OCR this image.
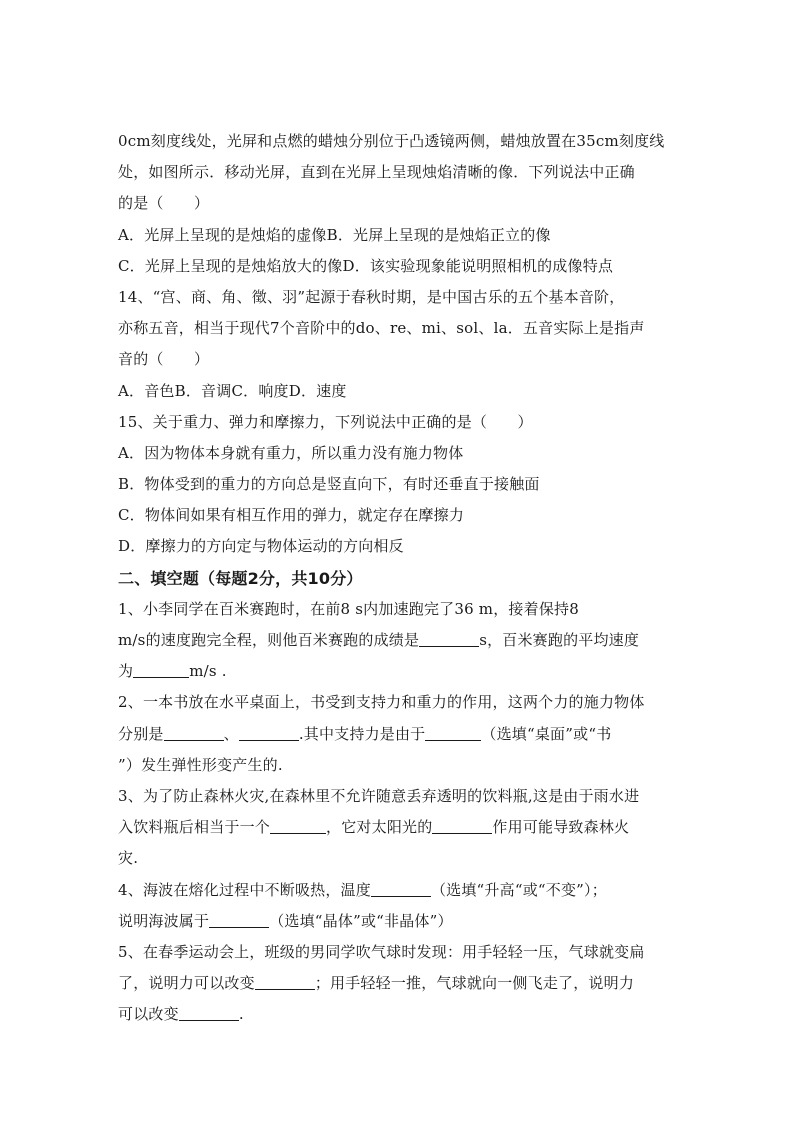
0cm刻度线处，光屏和点燃的蜡烛分别位于凸透镜两侧，蜡烛放置在35cm刻度线
处，如图所示．移动光屏，直到在光屏上呈现烛焰清晰的像．下列说法中正确
的是（　　）
A．光屏上呈现的是烛焰的虚像B．光屏上呈现的是烛焰正立的像
C．光屏上呈现的是烛焰放大的像D．该实验现象能说明照相机的成像特点
14、“宫、商、角、徵、羽”起源于春秋时期，是中国古乐的五个基本音阶，
亦称五音，相当于现代7个音阶中的do、re、mi、sol、la．五音实际上是指声
音的（　　）
A．音色B．音调C．响度D．速度
15、关于重力、弹力和摩擦力，下列说法中正确的是（　　）
A．因为物体本身就有重力，所以重力没有施力物体
B．物体受到的重力的方向总是竖直向下，有时还垂直于接触面
C．物体间如果有相互作用的弹力，就定存在摩擦力
D．摩擦力的方向定与物体运动的方向相反
二、填空题（每题2分，共10分）
1、小李同学在百米赛跑时，在前8 s内加速跑完了36 m，接着保持8
m/s的速度跑完全程，则他百米赛跑的成绩是	s，百米赛跑的平均速度
为	m/s .
2、一本书放在水平桌面上，书受到支持力和重力的作用，这两个力的施力物体
分别是	、	.其中支持力是由于	（选填“桌面”或“书
”）发生弹性形变产生的.
3、为了防止森林火灾,在森林里不允许随意丢弃透明的饮料瓶,这是由于雨水进
入饮料瓶后相当于一个	，它对太阳光的	作用可能导致森林火
灾.
4、海波在熔化过程中不断吸热，温度	（选填“升高“或“不变”）；
说明海波属于	（选填“晶体”或“非晶体”）
5、在春季运动会上，班级的男同学吹气球时发现：用手轻轻一压，气球就变扁
了，说明力可以改变	；用手轻轻一推，气球就向一侧飞走了，说明力
可以改变	.
